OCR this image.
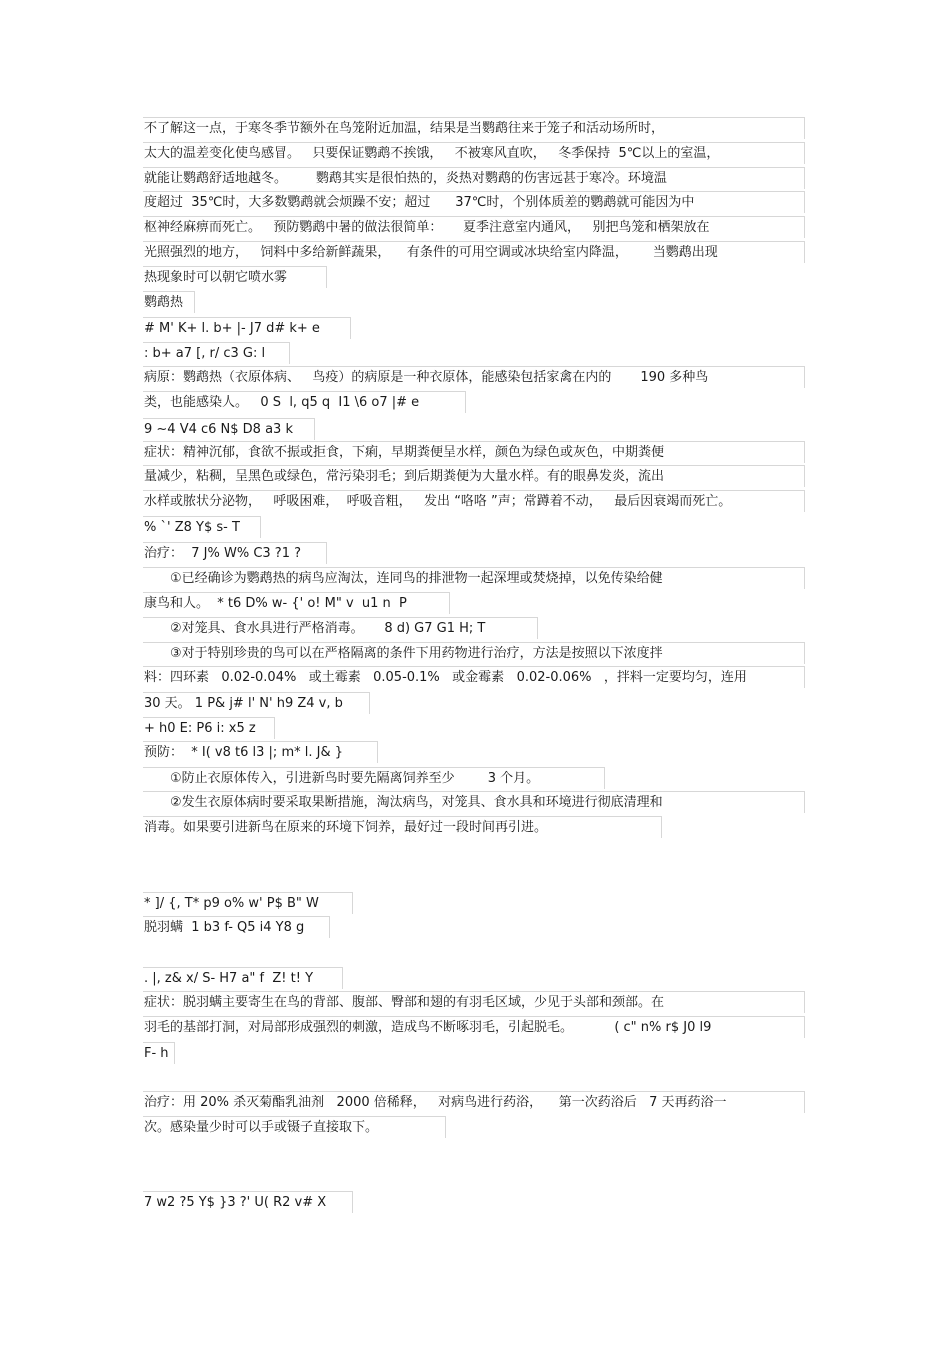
不了解这一点，于寒冬季节额外在鸟笼附近加温，结果是当鹦鹉往来于笼子和活动场所时，
太大的温差变化使鸟感冒。   只要保证鹦鹉不挨饿，   不被寒风直吹，   冬季保持  5℃以上的室温，
就能让鹦鹉舒适地越冬。       鹦鹉其实是很怕热的，炎热对鹦鹉的伤害远甚于寒冷。环境温
度超过  35℃时，大多数鹦鹉就会烦躁不安；超过      37℃时，个别体质差的鹦鹉就可能因为中
枢神经麻痹而死亡。   预防鹦鹉中暑的做法很简单：     夏季注意室内通风，   别把鸟笼和栖架放在
光照强烈的地方，   饲料中多给新鲜蔬果，    有条件的可用空调或冰块给室内降温，      当鹦鹉出现
热现象时可以朝它喷水雾
鹦鹉热
# M' K+ l. b+ |- J7 d# k+ e
: b+ a7 [, r/ c3 G: l
病原：鹦鹉热（衣原体病、   鸟疫）的病原是一种衣原体，能感染包括家禽在内的       190 多种鸟
类，也能感染人。   0 S  l, q5 q  I1 \6 o7 |# e
9 ~4 V4 c6 N$ D8 a3 k
症状：精神沉郁，食欲不振或拒食，下痢，早期粪便呈水样，颜色为绿色或灰色，中期粪便
量减少，粘稠，呈黑色或绿色，常污染羽毛；到后期粪便为大量水样。有的眼鼻发炎，流出
水样或脓状分泌物，   呼吸困难，  呼吸音粗，   发出 “咯咯 ”声；常蹲着不动，   最后因衰竭而死亡。
% `' Z8 Y$ s- T
治疗：  7 J% W% C3 ?1 ?
①已经确诊为鹦鹉热的病鸟应淘汰，连同鸟的排泄物一起深埋或焚烧掉，以免传染给健
康鸟和人。  * t6 D% w- {' o! M" v  u1 n  P
②对笼具、食水具进行严格消毒。     8 d) G7 G1 H; T
③对于特别珍贵的鸟可以在严格隔离的条件下用药物进行治疗，方法是按照以下浓度拌
料：四环素   0.02-0.04%   或土霉素   0.05-0.1%   或金霉素   0.02-0.06%   ，拌料一定要均匀，连用
30 天。 1 P& j# l' N' h9 Z4 v, b
+ h0 E: P6 i: x5 z
预防：  * I( v8 t6 l3 |; m* l. J& }
①防止衣原体传入，引进新鸟时要先隔离饲养至少        3 个月。
②发生衣原体病时要采取果断措施，淘汰病鸟，对笼具、食水具和环境进行彻底清理和
消毒。如果要引进新鸟在原来的环境下饲养，最好过一段时间再引进。
* ]/ {, T* p9 o% w' P$ B" W
脱羽螨  1 b3 f- Q5 i4 Y8 g
. |, z& x/ S- H7 a" f  Z! t! Y
症状：脱羽螨主要寄生在鸟的背部、腹部、臀部和翅的有羽毛区域，少见于头部和颈部。在
羽毛的基部打洞，对局部形成强烈的刺激，造成鸟不断啄羽毛，引起脱毛。          ( c" n% r$ J0 l9
F- h
治疗：用 20% 杀灭菊酯乳油剂   2000 倍稀释，   对病鸟进行药浴，    第一次药浴后   7 天再药浴一
次。感染量少时可以手或镊子直接取下。
7 w2 ?5 Y$ }3 ?' U( R2 v# X
